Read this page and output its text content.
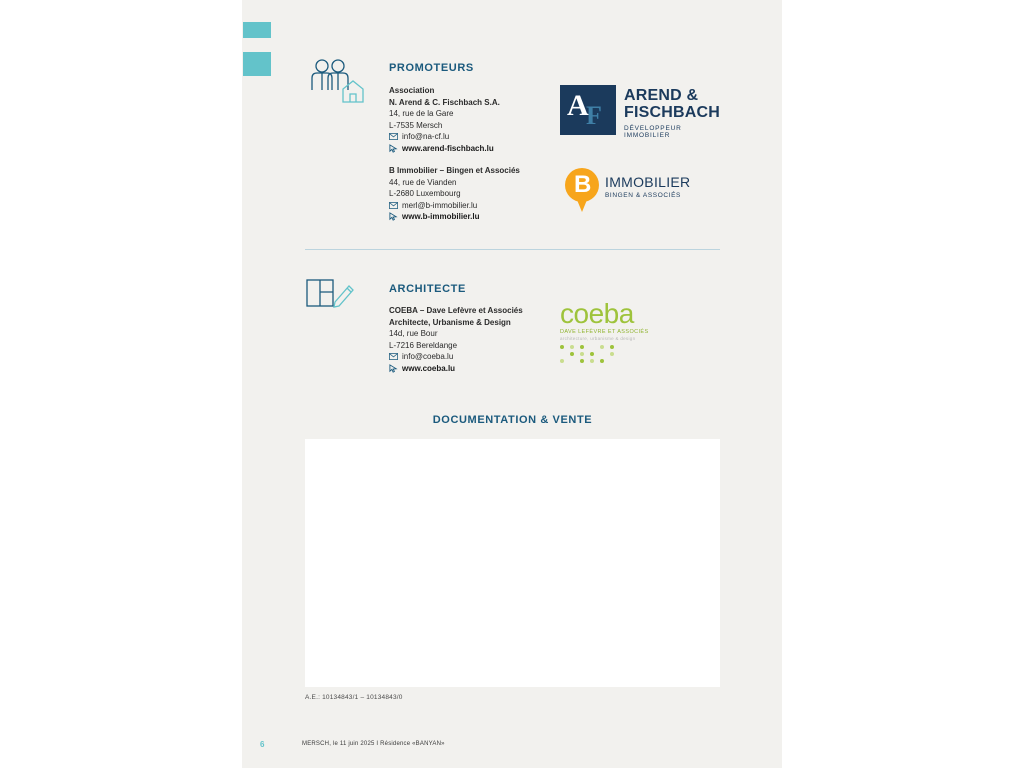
PROMOTEURS
Association
N. Arend & C. Fischbach S.A.
14, rue de la Gare
L-7535 Mersch
info@na-cf.lu
www.arend-fischbach.lu
A
F
AREND &
FISCHBACH
DÉVELOPPEUR IMMOBILIER
B Immobilier – Bingen et Associés
44, rue de Vianden
L-2680 Luxembourg
merl@b-immobilier.lu
www.b-immobilier.lu
B IMMOBILIER
BINGEN & ASSOCIÉS
ARCHITECTE
COEBA – Dave Lefèvre et Associés
Architecte, Urbanisme & Design
14d, rue Bour
L-7216 Bereldange
info@coeba.lu
www.coeba.lu
coeba
DAVE LEFÈVRE ET ASSOCIÉS
architecture, urbanisme & design
DOCUMENTATION & VENTE
A.E.: 10134843/1 – 10134843/0
6	MERSCH, le 11 juin 2025 I Résidence «BANYAN»
